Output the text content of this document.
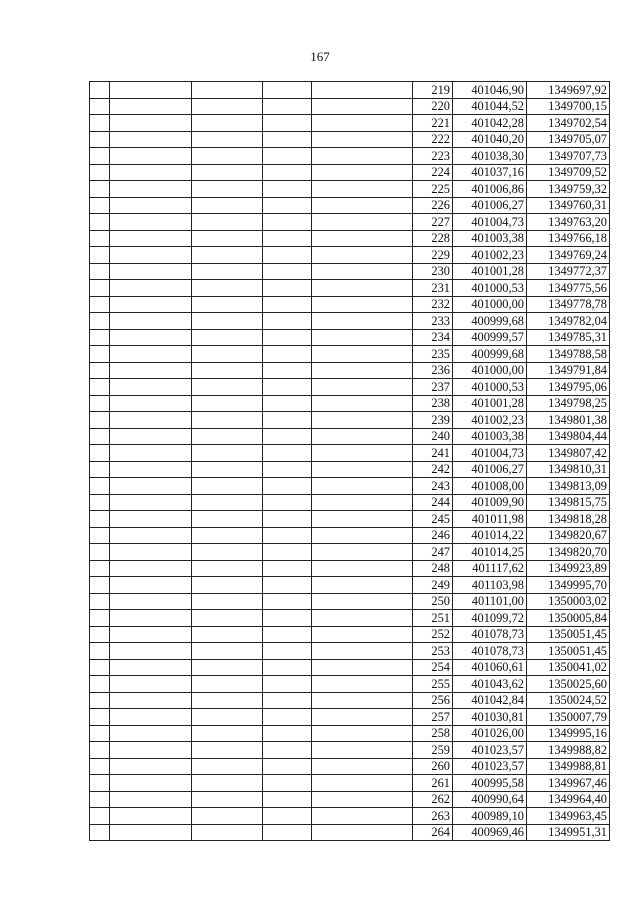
167
					219	401046,90	1349697,92
					220	401044,52	1349700,15
					221	401042,28	1349702,54
					222	401040,20	1349705,07
					223	401038,30	1349707,73
					224	401037,16	1349709,52
					225	401006,86	1349759,32
					226	401006,27	1349760,31
					227	401004,73	1349763,20
					228	401003,38	1349766,18
					229	401002,23	1349769,24
					230	401001,28	1349772,37
					231	401000,53	1349775,56
					232	401000,00	1349778,78
					233	400999,68	1349782,04
					234	400999,57	1349785,31
					235	400999,68	1349788,58
					236	401000,00	1349791,84
					237	401000,53	1349795,06
					238	401001,28	1349798,25
					239	401002,23	1349801,38
					240	401003,38	1349804,44
					241	401004,73	1349807,42
					242	401006,27	1349810,31
					243	401008,00	1349813,09
					244	401009,90	1349815,75
					245	401011,98	1349818,28
					246	401014,22	1349820,67
					247	401014,25	1349820,70
					248	401117,62	1349923,89
					249	401103,98	1349995,70
					250	401101,00	1350003,02
					251	401099,72	1350005,84
					252	401078,73	1350051,45
					253	401078,73	1350051,45
					254	401060,61	1350041,02
					255	401043,62	1350025,60
					256	401042,84	1350024,52
					257	401030,81	1350007,79
					258	401026,00	1349995,16
					259	401023,57	1349988,82
					260	401023,57	1349988,81
					261	400995,58	1349967,46
					262	400990,64	1349964,40
					263	400989,10	1349963,45
					264	400969,46	1349951,31
